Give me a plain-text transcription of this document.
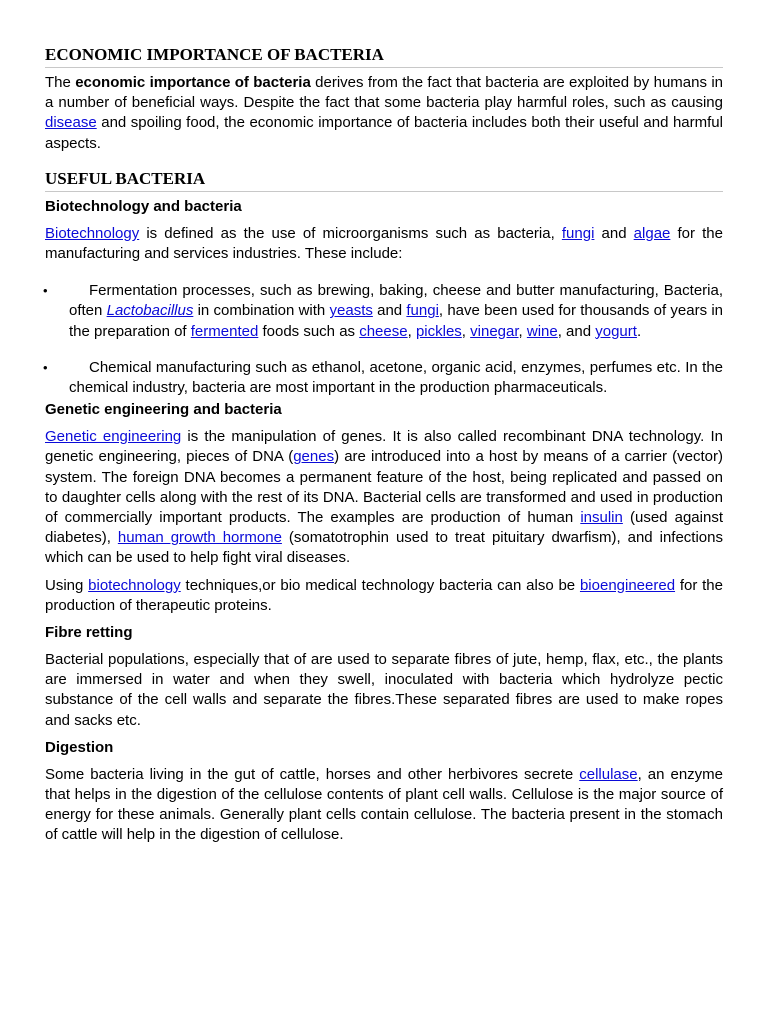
ECONOMIC IMPORTANCE OF BACTERIA

The economic importance of bacteria derives from the fact that bacteria are exploited by humans in a number of beneficial ways. Despite the fact that some bacteria play harmful roles, such as causing disease and spoiling food, the economic importance of bacteria includes both their useful and harmful aspects.

USEFUL BACTERIA
Biotechnology and bacteria

Biotechnology is defined as the use of microorganisms such as bacteria, fungi and algae for the manufacturing and services industries. These include:

•	Fermentation processes, such as brewing, baking, cheese and butter manufacturing, Bacteria, often Lactobacillus in combination with yeasts and fungi, have been used for thousands of years in the preparation of fermented foods such as cheese, pickles, vinegar, wine, and yogurt.
•	Chemical manufacturing such as ethanol, acetone, organic acid, enzymes, perfumes etc. In the chemical industry, bacteria are most important in the production pharmaceuticals.
Genetic engineering and bacteria

Genetic engineering is the manipulation of genes. It is also called recombinant DNA technology. In genetic engineering, pieces of DNA (genes) are introduced into a host by means of a carrier (vector) system. The foreign DNA becomes a permanent feature of the host, being replicated and passed on to daughter cells along with the rest of its DNA. Bacterial cells are transformed and used in production of commercially important products. The examples are production of human insulin (used against diabetes), human growth hormone (somatotrophin used to treat pituitary dwarfism), and infections which can be used to help fight viral diseases.

Using biotechnology techniques,or bio medical technology bacteria can also be bioengineered for the production of therapeutic proteins.

Fibre retting

Bacterial populations, especially that of are used to separate fibres of jute, hemp, flax, etc., the plants are immersed in water and when they swell, inoculated with bacteria which hydrolyze pectic substance of the cell walls and separate the fibres.These separated fibres are used to make ropes and sacks etc.

Digestion

Some bacteria living in the gut of cattle, horses and other herbivores secrete cellulase, an enzyme that helps in the digestion of the cellulose contents of plant cell walls. Cellulose is the major source of energy for these animals. Generally plant cells contain cellulose. The bacteria present in the stomach of cattle will help in the digestion of cellulose.
